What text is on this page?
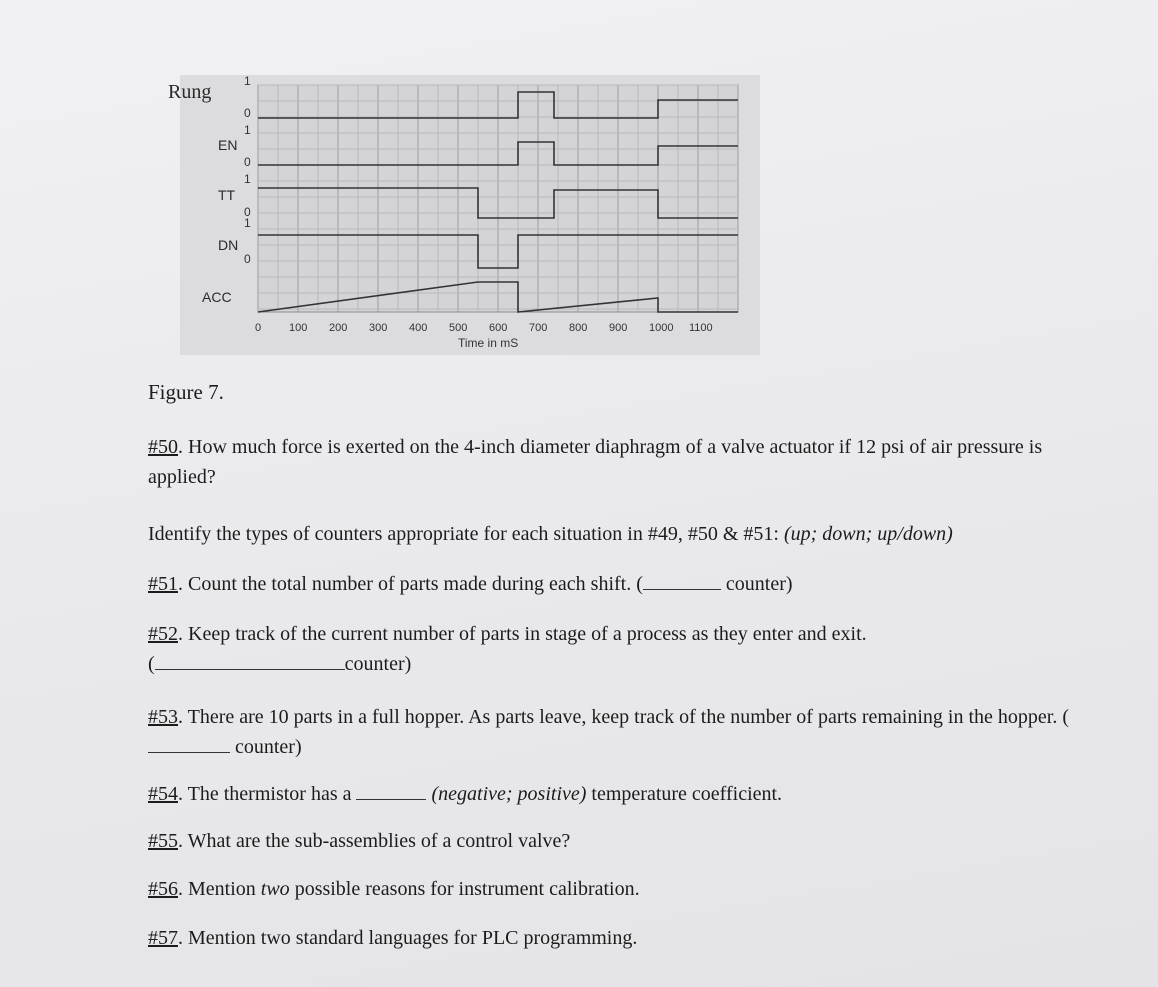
Rung	1
0
EN
1
0
TT
1
0
DN
1
0
ACC
0	100 200 300 400 500 600 700 800 900 1000 1100
Time in mS
Figure 7.
#50. How much force is exerted on the 4-inch diameter diaphragm of a valve actuator if 12 psi of air pressure is applied?
Identify the types of counters appropriate for each situation in #49, #50 & #51: (up; down; up/down)
#51. Count the total number of parts made during each shift. (	counter)
#52. Keep track of the current number of parts in stage of a process as they enter and exit.
(	counter)
#53. There are 10 parts in a full hopper. As parts leave, keep track of the number of parts remaining in the hopper. ( counter)
#54. The thermistor has a	(negative; positive) temperature coefficient.
#55. What are the sub-assemblies of a control valve?
#56. Mention two possible reasons for instrument calibration.
#57. Mention two standard languages for PLC programming.
